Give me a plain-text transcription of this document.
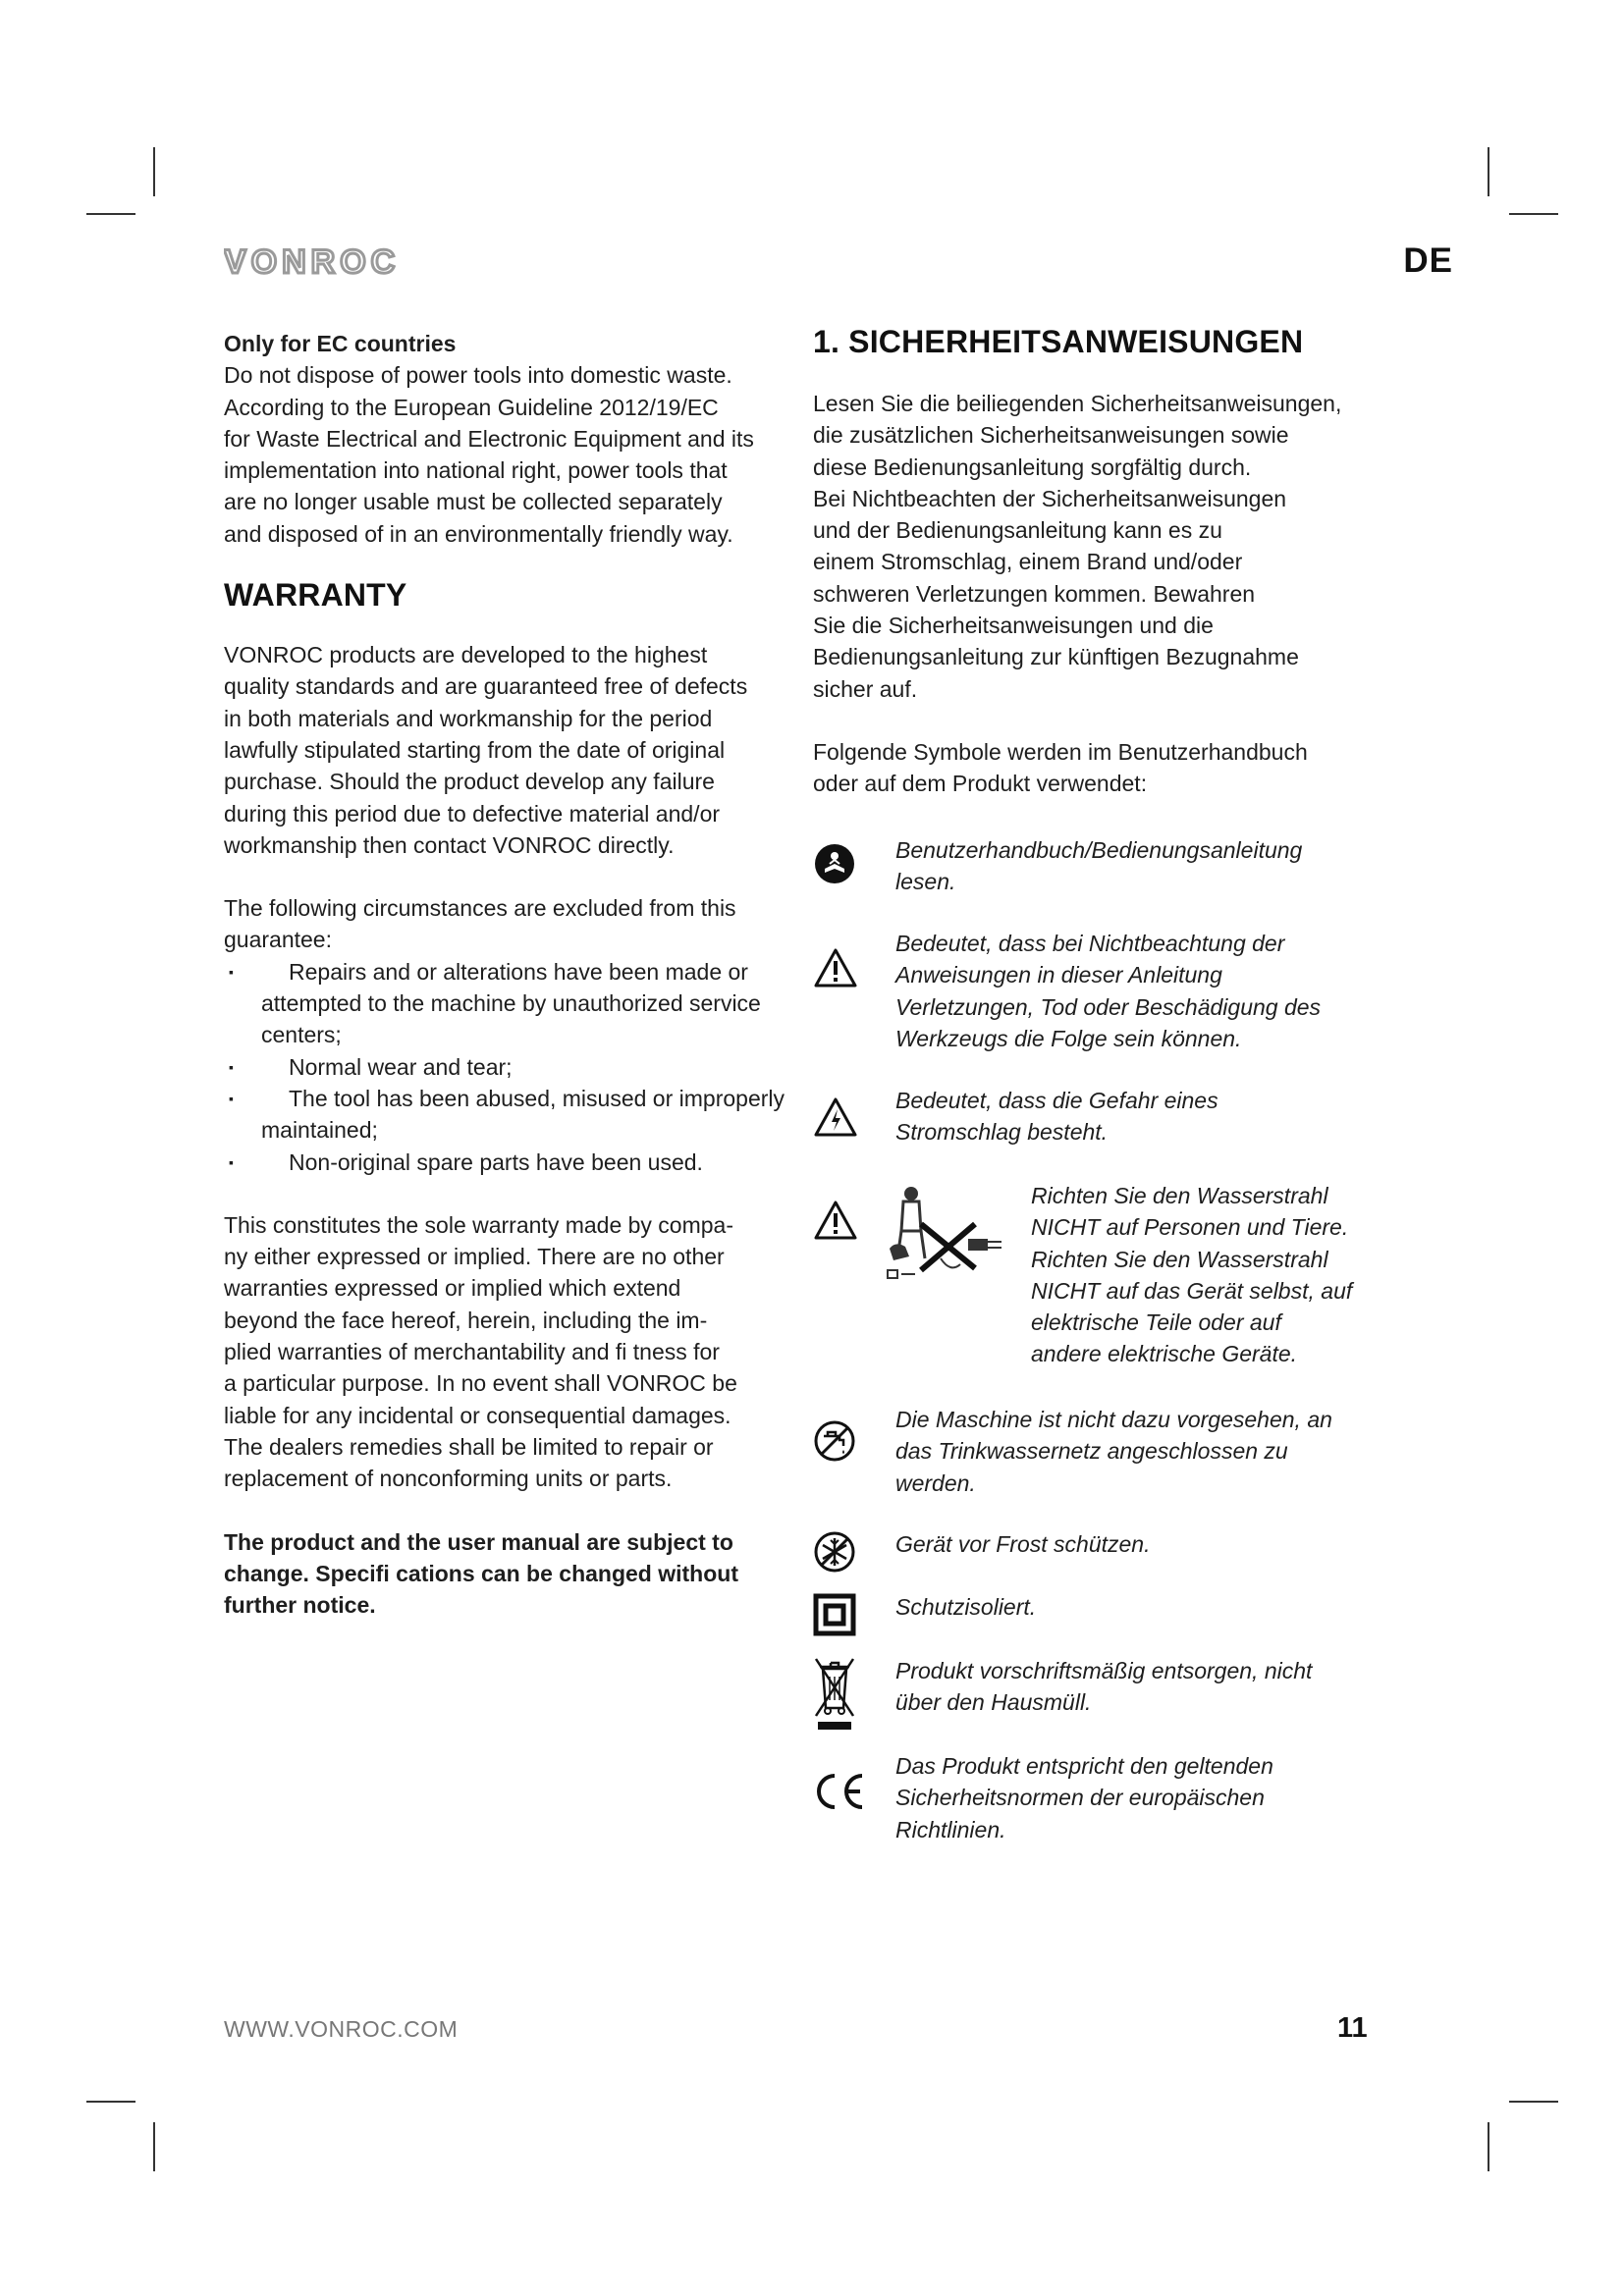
VONROC	DE

Only for EC countries

Do not dispose of power tools into domestic waste.
According to the European Guideline 2012/19/EC
for Waste Electrical and Electronic Equipment and its
implementation into national right, power tools that
are no longer usable must be collected separately
and disposed of in an environmentally friendly way.

WARRANTY

VONROC products are developed to the highest
quality standards and are guaranteed free of defects
in both materials and workmanship for the period
lawfully stipulated starting from the date of original
purchase. Should the product develop any failure
during this period due to defective material and/or
workmanship then contact VONROC directly.

The following circumstances are excluded from this
guarantee:

▪	Repairs and or alterations have been made or attempted to the machine by unauthorized service centers;
▪	Normal wear and tear;
▪	The tool has been abused, misused or improperly maintained;
▪	Non-original spare parts have been used.

This constitutes the sole warranty made by compa-
ny either expressed or implied. There are no other
warranties expressed or implied which extend
beyond the face hereof, herein, including the im-
plied warranties of merchantability and fi tness for
a particular purpose. In no event shall VONROC be
liable for any incidental or consequential damages.
The dealers remedies shall be limited to repair or
replacement of nonconforming units or parts.

The product and the user manual are subject to
change. Specifi cations can be changed without
further notice.

1. SICHERHEITSANWEISUNGEN

Lesen Sie die beiliegenden Sicherheitsanweisungen,
die zusätzlichen Sicherheitsanweisungen sowie
diese Bedienungsanleitung sorgfältig durch.
Bei Nichtbeachten der Sicherheitsanweisungen
und der Bedienungsanleitung kann es zu
einem Stromschlag, einem Brand und/oder
schweren Verletzungen kommen. Bewahren
Sie die Sicherheitsanweisungen und die
Bedienungsanleitung zur künftigen Bezugnahme
sicher auf.

Folgende Symbole werden im Benutzerhandbuch
oder auf dem Produkt verwendet:

Benutzerhandbuch/Bedienungsanleitung
lesen.
Bedeutet, dass bei Nichtbeachtung der
Anweisungen in dieser Anleitung
Verletzungen, Tod oder Beschädigung des
Werkzeugs die Folge sein können.
Bedeutet, dass die Gefahr eines
Stromschlag besteht.
Richten Sie den Wasserstrahl
NICHT auf Personen und Tiere.
Richten Sie den Wasserstrahl
NICHT auf das Gerät selbst, auf
elektrische Teile oder auf
andere elektrische Geräte.
Die Maschine ist nicht dazu vorgesehen, an
das Trinkwassernetz angeschlossen zu
werden.
Gerät vor Frost schützen.
Schutzisoliert.
Produkt vorschriftsmäßig entsorgen, nicht
über den Hausmüll.
Das Produkt entspricht den geltenden
Sicherheitsnormen der europäischen
Richtlinien.
WWW.VONROC.COM	11
